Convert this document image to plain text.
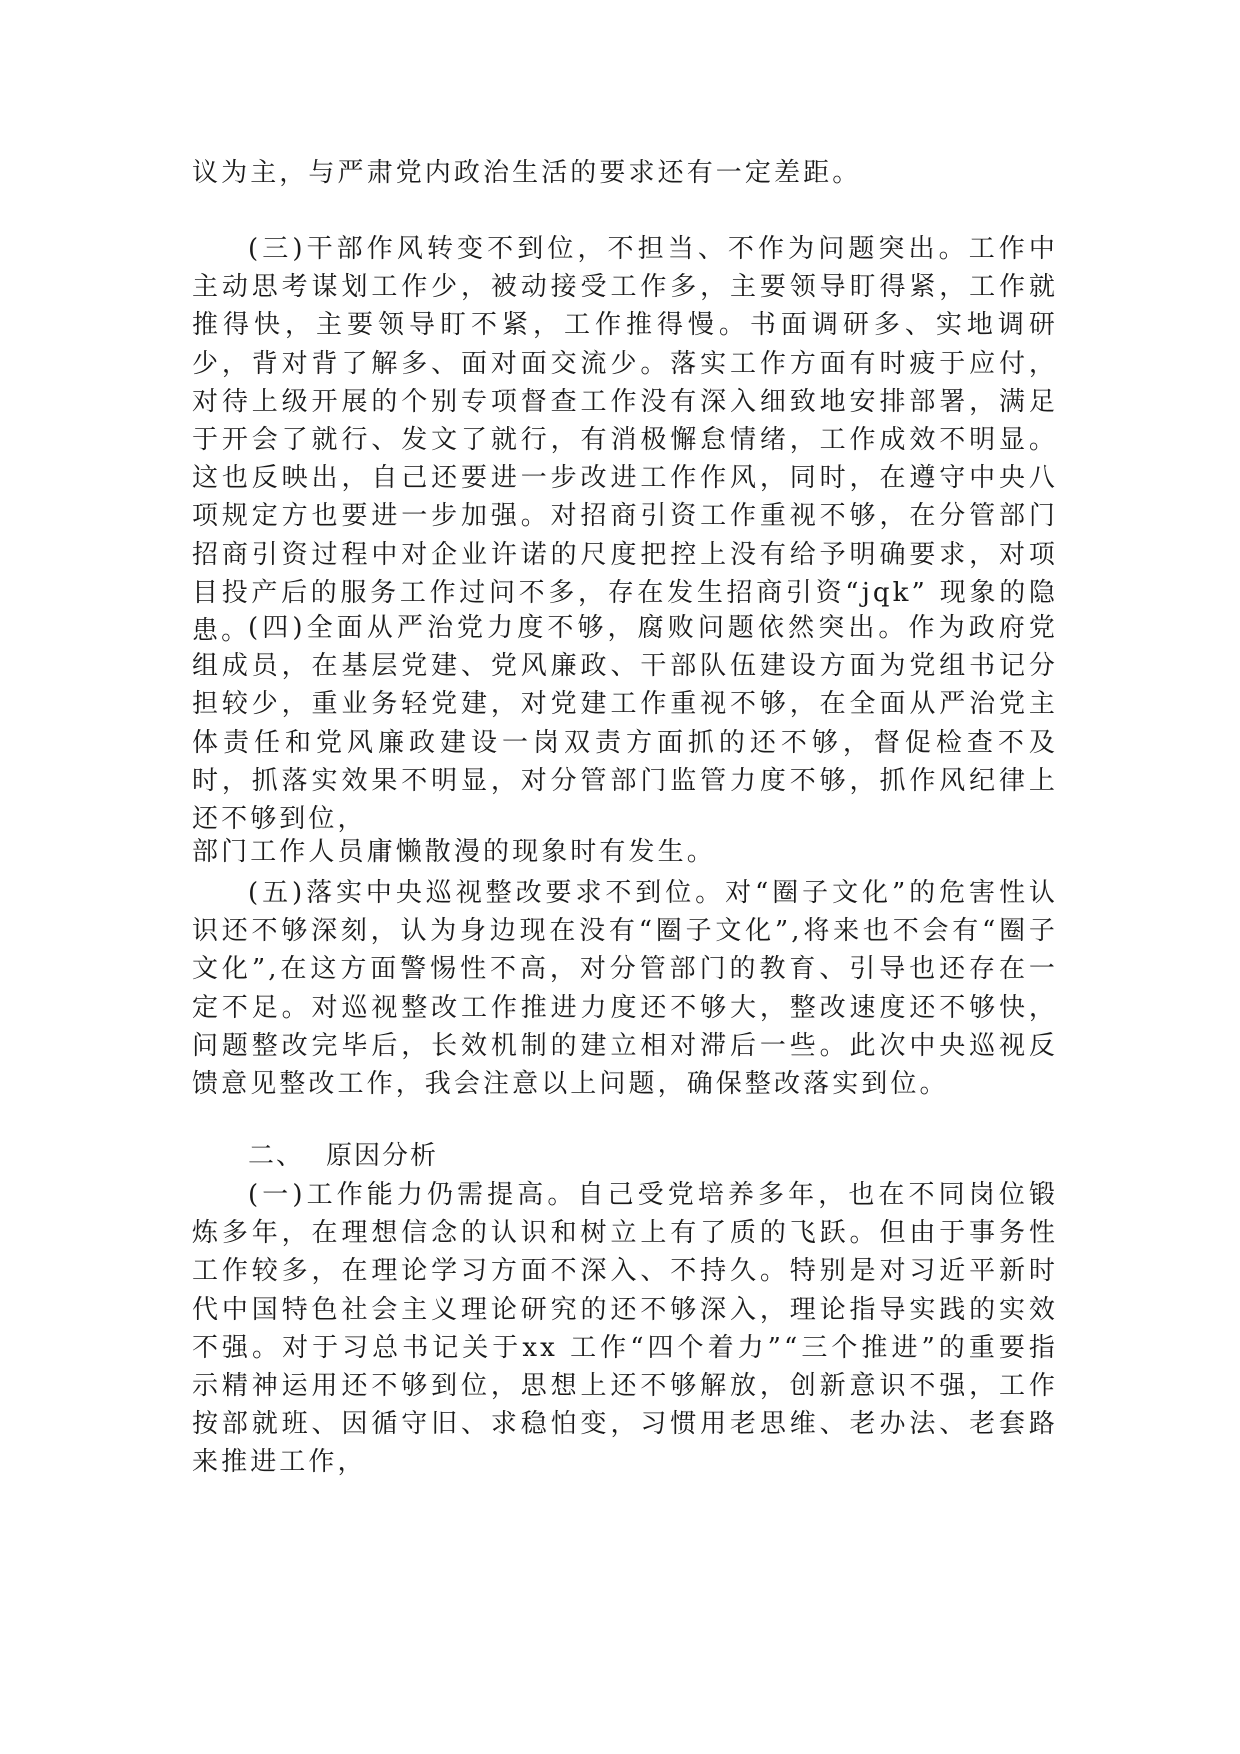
议为主，与严肃党内政治生活的要求还有一定差距。
(三)干部作风转变不到位，不担当、不作为问题突出。工作中主动思考谋划工作少，被动接受工作多，主要领导盯得紧，工作就推得快，主要领导盯不紧，工作推得慢。书面调研多、实地调研少，背对背了解多、面对面交流少。落实工作方面有时疲于应付，对待上级开展的个别专项督查工作没有深入细致地安排部署，满足于开会了就行、发文了就行，有消极懈怠情绪，工作成效不明显。这也反映出，自己还要进一步改进工作作风，同时，在遵守中央八项规定方也要进一步加强。对招商引资工作重视不够，在分管部门招商引资过程中对企业许诺的尺度把控上没有给予明确要求，对项目投产后的服务工作过问不多，存在发生招商引资“jqk” 现象的隐患。
(四)全面从严治党力度不够，腐败问题依然突出。作为政府党组成员，在基层党建、党风廉政、干部队伍建设方面为党组书记分担较少，重业务轻党建，对党建工作重视不够，在全面从严治党主体责任和党风廉政建设一岗双责方面抓的还不够，督促检查不及时，抓落实效果不明显，对分管部门监管力度不够，抓作风纪律上还不够到位，
部门工作人员庸懒散漫的现象时有发生。
(五)落实中央巡视整改要求不到位。对“圈子文化”的危害性认识还不够深刻，认为身边现在没有“圈子文化”,将来也不会有“圈子文化”,在这方面警惕性不高，对分管部门的教育、引导也还存在一定不足。对巡视整改工作推进力度还不够大，整改速度还不够快，问题整改完毕后，长效机制的建立相对滞后一些。此次中央巡视反馈意见整改工作，我会注意以上问题，确保整改落实到位。
二、 原因分析
(一)工作能力仍需提高。自己受党培养多年，也在不同岗位锻炼多年，在理想信念的认识和树立上有了质的飞跃。但由于事务性工作较多，在理论学习方面不深入、不持久。特别是对习近平新时代中国特色社会主义理论研究的还不够深入，理论指导实践的实效不强。对于习总书记关于xx 工作“四个着力”“三个推进”的重要指示精神运用还不够到位，思想上还不够解放，创新意识不强，工作按部就班、因循守旧、求稳怕变，习惯用老思维、老办法、老套路来推进工作，
